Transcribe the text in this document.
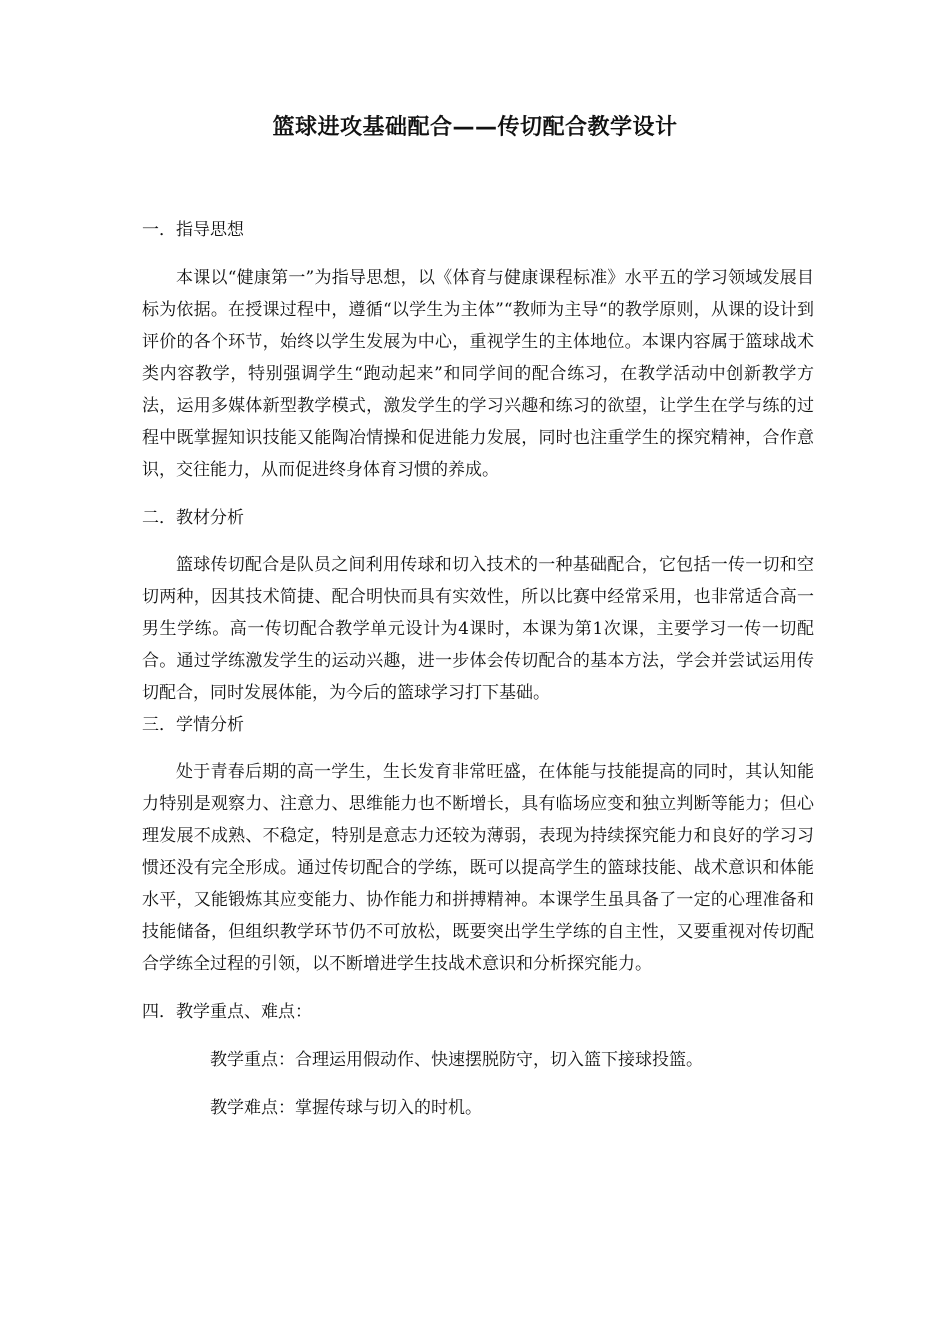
篮球进攻基础配合——传切配合教学设计

一．指导思想

本课以“健康第一”为指导思想，以《体育与健康课程标准》水平五的学习领域发展目标为依据。在授课过程中，遵循“以学生为主体”“教师为主导“的教学原则，从课的设计到评价的各个环节，始终以学生发展为中心，重视学生的主体地位。本课内容属于篮球战术类内容教学，特别强调学生“跑动起来”和同学间的配合练习，在教学活动中创新教学方法，运用多媒体新型教学模式，激发学生的学习兴趣和练习的欲望，让学生在学与练的过程中既掌握知识技能又能陶冶情操和促进能力发展，同时也注重学生的探究精神，合作意识，交往能力，从而促进终身体育习惯的养成。

二．教材分析

篮球传切配合是队员之间利用传球和切入技术的一种基础配合，它包括一传一切和空切两种，因其技术简捷、配合明快而具有实效性，所以比赛中经常采用，也非常适合高一男生学练。高一传切配合教学单元设计为4课时，本课为第1次课，主要学习一传一切配合。通过学练激发学生的运动兴趣，进一步体会传切配合的基本方法，学会并尝试运用传切配合，同时发展体能，为今后的篮球学习打下基础。

三．学情分析

处于青春后期的高一学生，生长发育非常旺盛，在体能与技能提高的同时，其认知能力特别是观察力、注意力、思维能力也不断增长，具有临场应变和独立判断等能力；但心理发展不成熟、不稳定，特别是意志力还较为薄弱，表现为持续探究能力和良好的学习习惯还没有完全形成。通过传切配合的学练，既可以提高学生的篮球技能、战术意识和体能水平，又能锻炼其应变能力、协作能力和拼搏精神。本课学生虽具备了一定的心理准备和技能储备，但组织教学环节仍不可放松，既要突出学生学练的自主性，又要重视对传切配合学练全过程的引领，以不断增进学生技战术意识和分析探究能力。

四．教学重点、难点：

教学重点：合理运用假动作、快速摆脱防守，切入篮下接球投篮。

教学难点：掌握传球与切入的时机。
